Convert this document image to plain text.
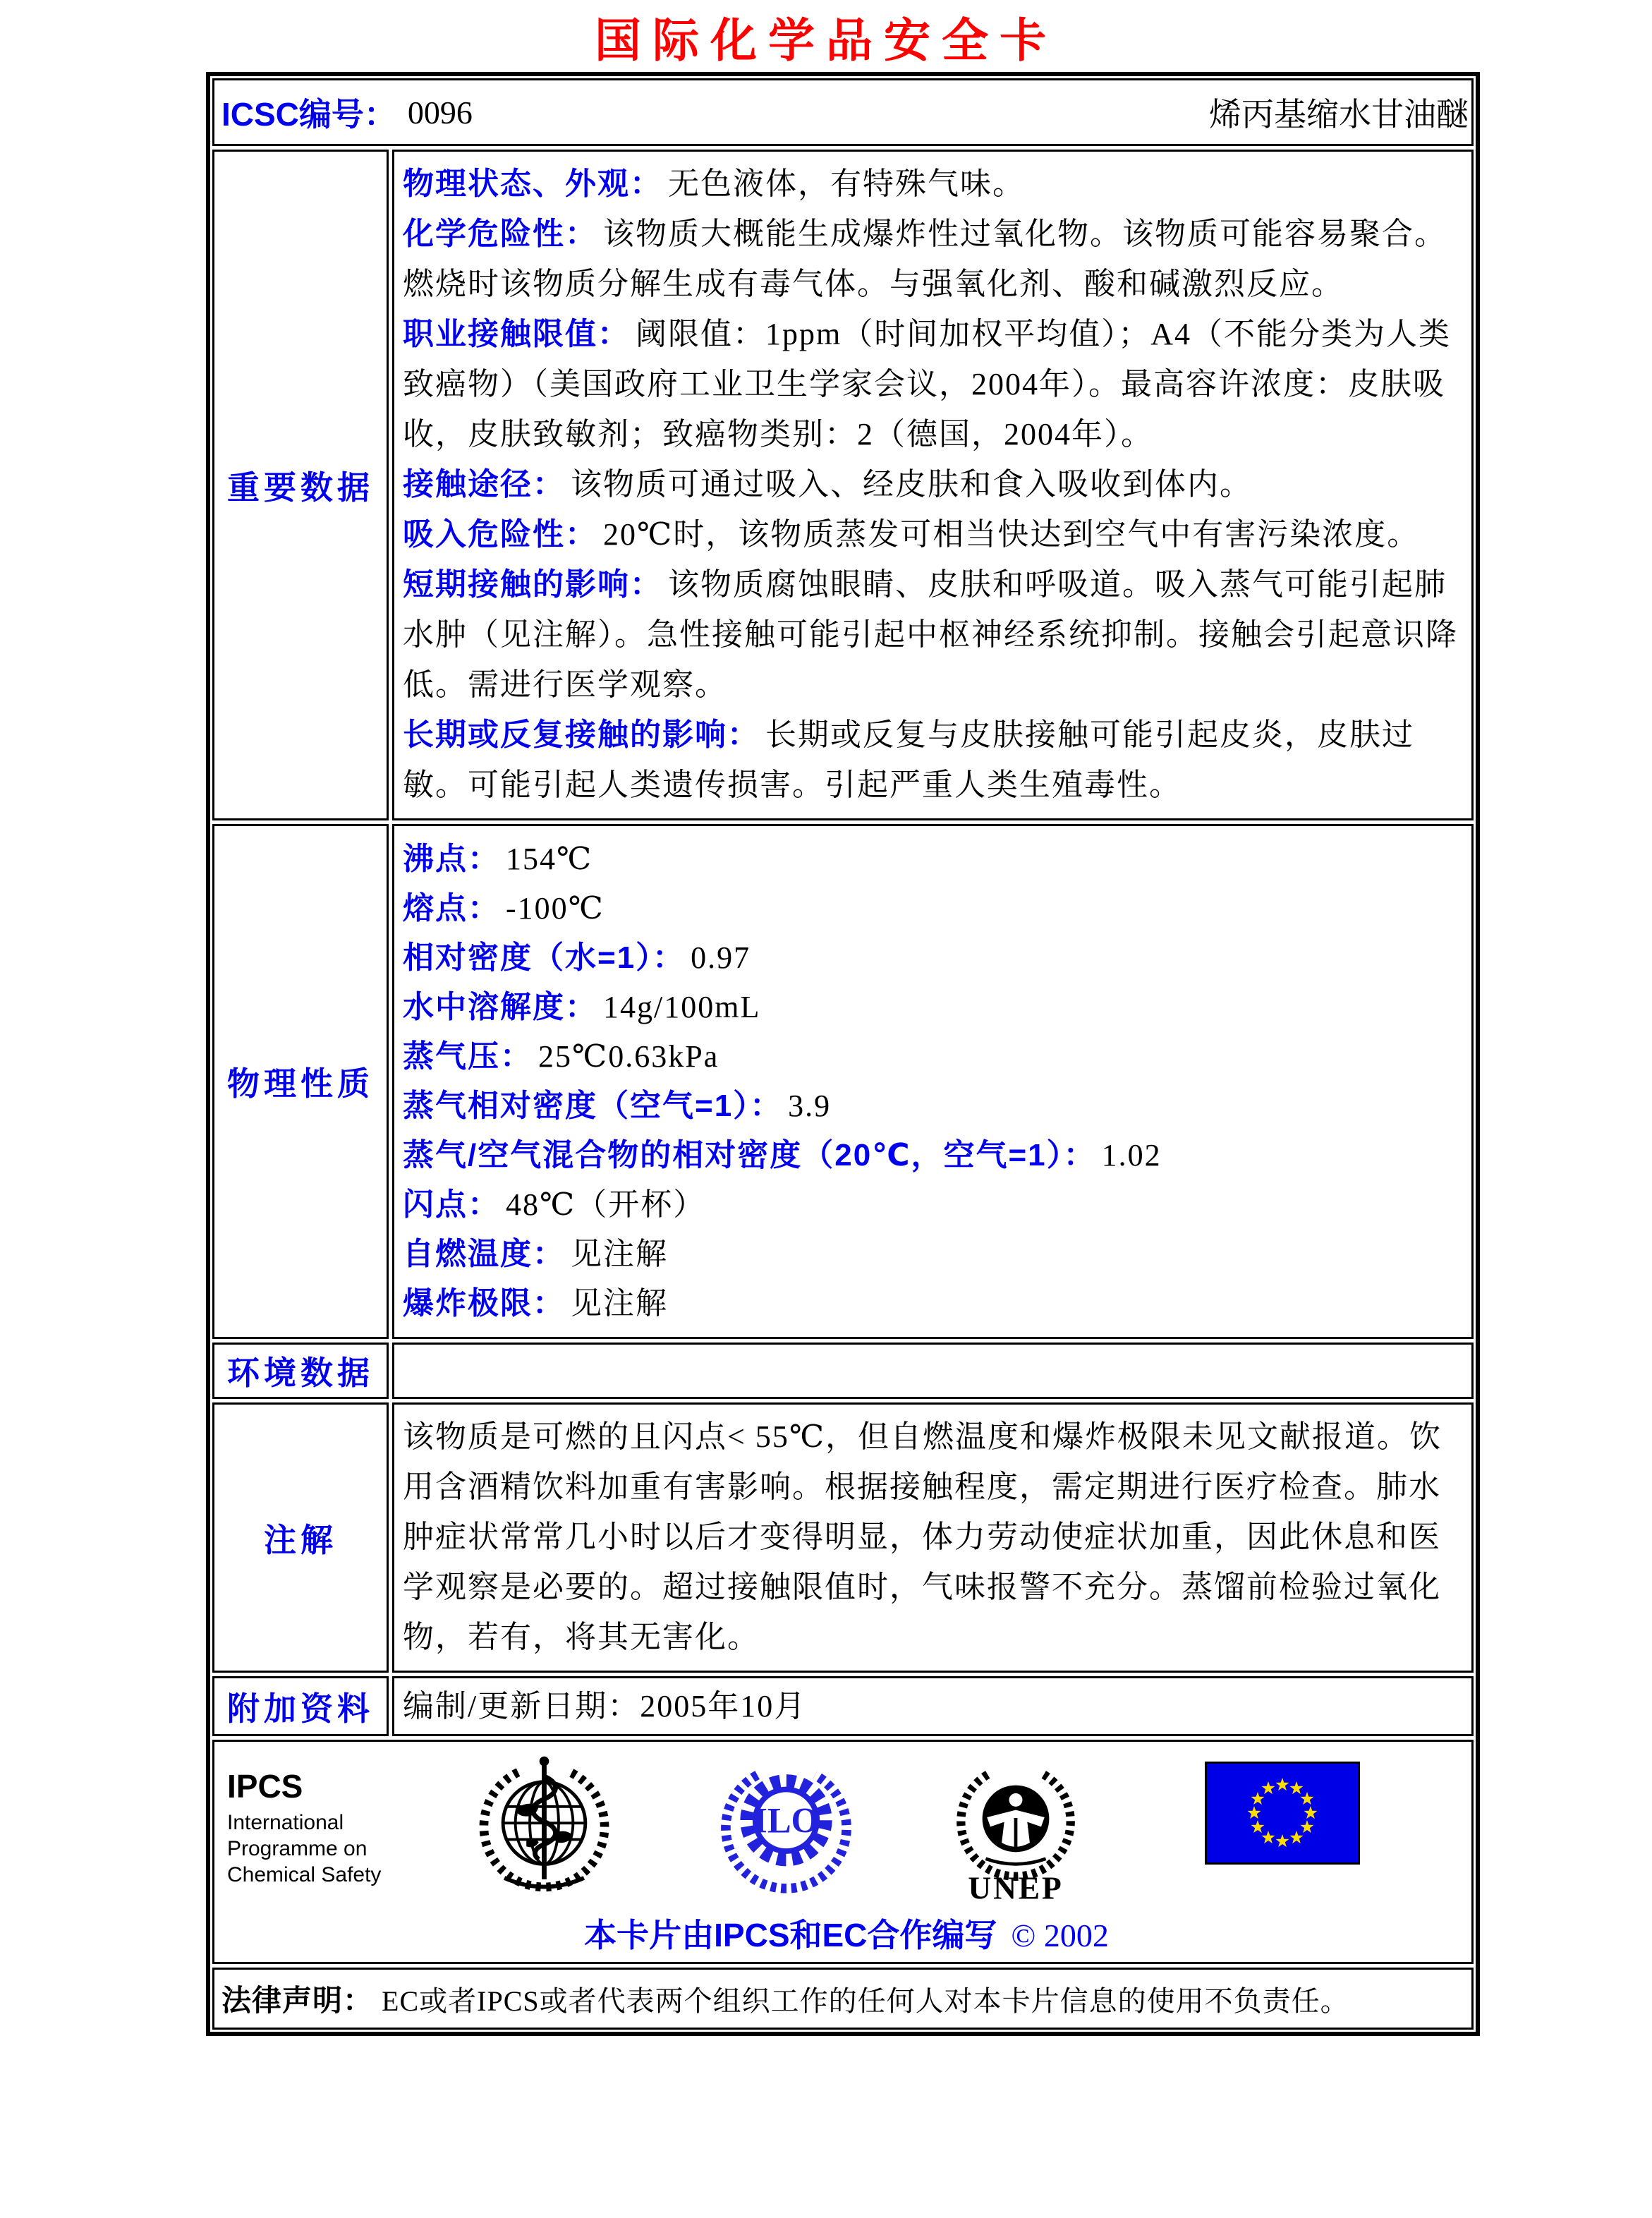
国际化学品安全卡
ICSC编号： 0096	烯丙基缩水甘油醚
重要数据

物理状态、外观： 无色液体，有特殊气味。

化学危险性： 该物质大概能生成爆炸性过氧化物。该物质可能容易聚合。燃烧时该物质分解生成有毒气体。与强氧化剂、酸和碱激烈反应。

职业接触限值： 阈限值：1ppm（时间加权平均值）；A4（不能分类为人类致癌物）（美国政府工业卫生学家会议，2004年）。最高容许浓度：皮肤吸收，皮肤致敏剂；致癌物类别：2（德国，2004年）。

接触途径： 该物质可通过吸入、经皮肤和食入吸收到体内。

吸入危险性： 20℃时，该物质蒸发可相当快达到空气中有害污染浓度。

短期接触的影响： 该物质腐蚀眼睛、皮肤和呼吸道。吸入蒸气可能引起肺水肿（见注解）。急性接触可能引起中枢神经系统抑制。接触会引起意识降低。需进行医学观察。

长期或反复接触的影响： 长期或反复与皮肤接触可能引起皮炎，皮肤过敏。可能引起人类遗传损害。引起严重人类生殖毒性。

物理性质

沸点： 154℃

熔点： -100℃

相对密度（水=1）： 0.97

水中溶解度： 14g/100mL

蒸气压： 25℃0.63kPa

蒸气相对密度（空气=1）： 3.9

蒸气/空气混合物的相对密度（20℃，空气=1）： 1.02

闪点： 48℃（开杯）

自燃温度： 见注解

爆炸极限： 见注解

环境数据
注解

该物质是可燃的且闪点< 55℃，但自燃温度和爆炸极限未见文献报道。饮用含酒精饮料加重有害影响。根据接触程度，需定期进行医疗检查。肺水肿症状常常几小时以后才变得明显，体力劳动使症状加重，因此休息和医学观察是必要的。超过接触限值时，气味报警不充分。蒸馏前检验过氧化物，若有，将其无害化。

附加资料 编制/更新日期：2005年10月

IPCS
International
Programme on
Chemical Safety
ILO
UNEP
本卡片由IPCS和EC合作编写 © 2002
法律声明： EC或者IPCS或者代表两个组织工作的任何人对本卡片信息的使用不负责任。
